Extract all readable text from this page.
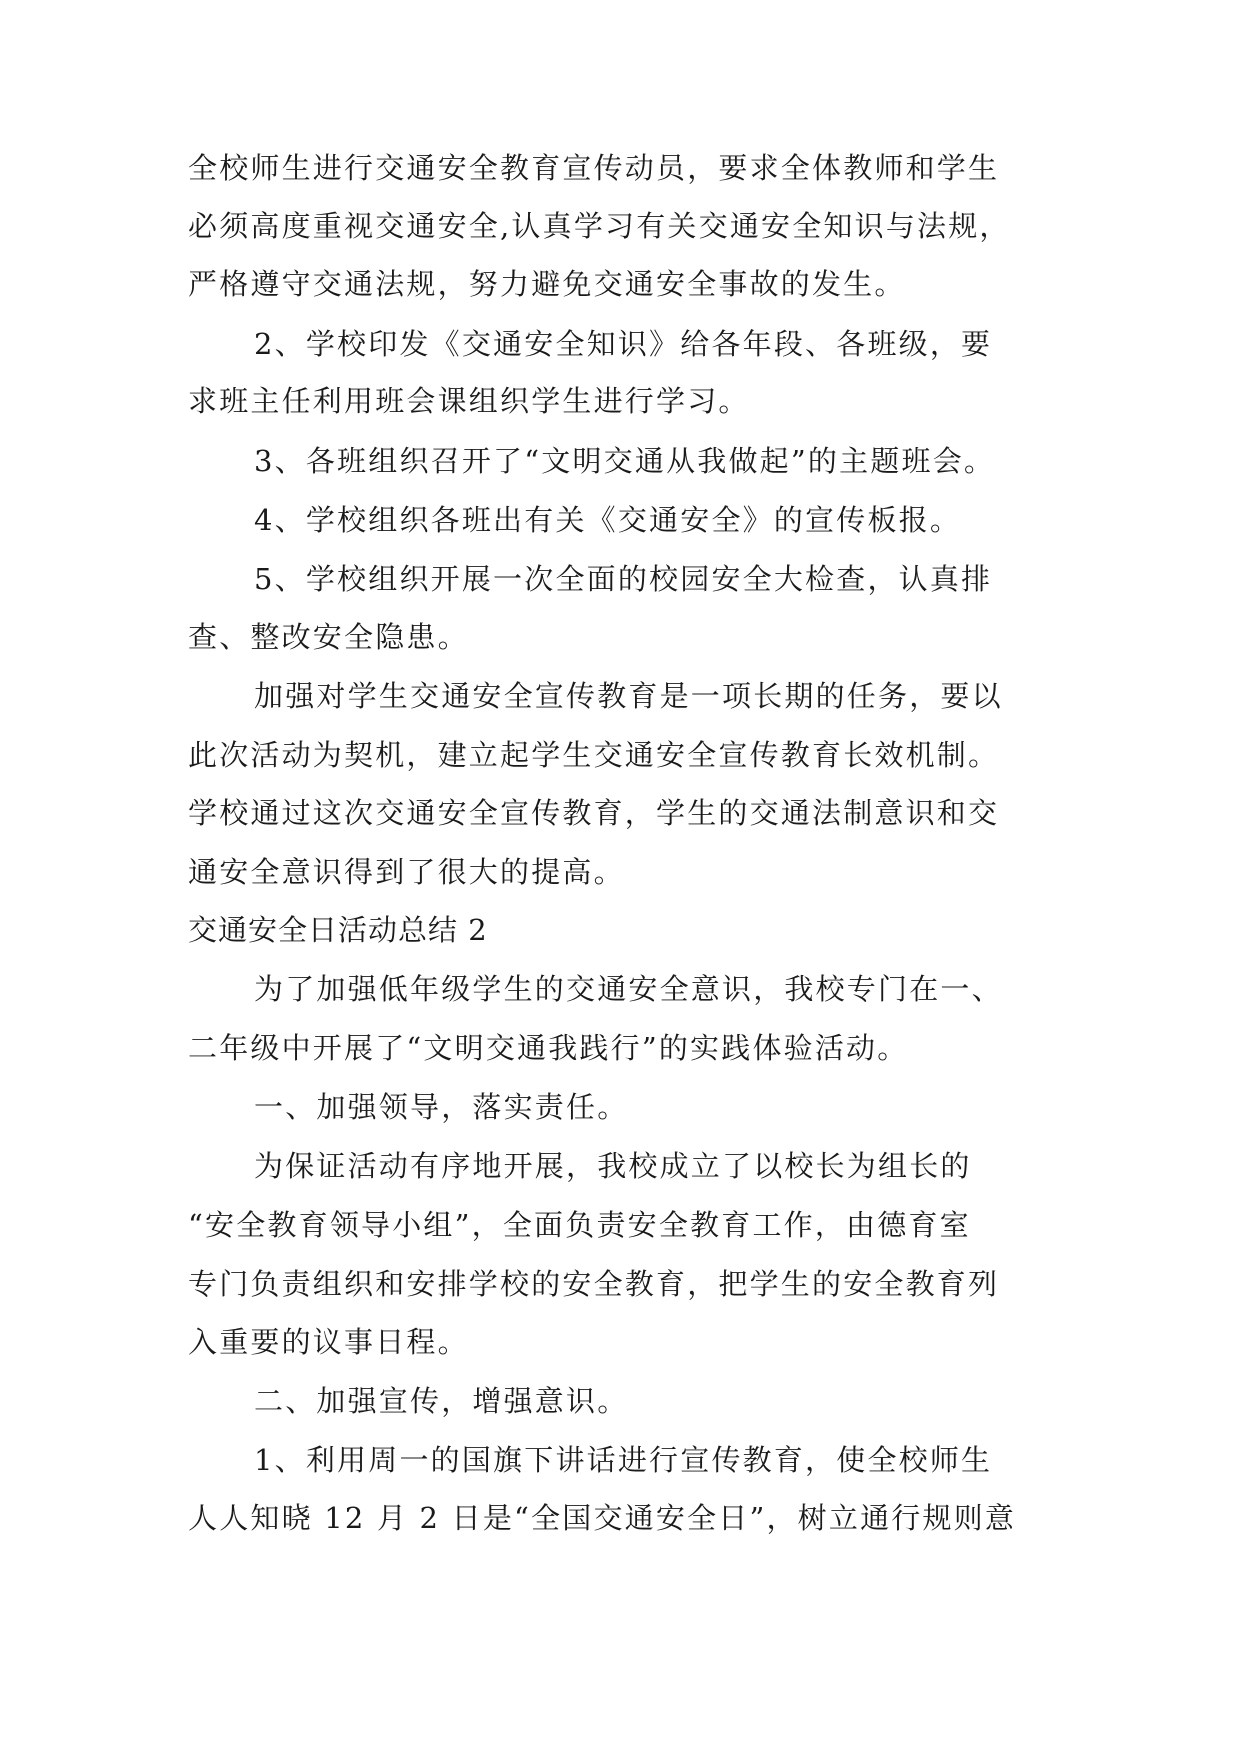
全校师生进行交通安全教育宣传动员，要求全体教师和学生
必须高度重视交通安全,认真学习有关交通安全知识与法规，
严格遵守交通法规，努力避免交通安全事故的发生。
2、学校印发《交通安全知识》给各年段、各班级，要
求班主任利用班会课组织学生进行学习。
3、各班组织召开了“文明交通从我做起”的主题班会。
4、学校组织各班出有关《交通安全》的宣传板报。
5、学校组织开展一次全面的校园安全大检查，认真排
查、整改安全隐患。
加强对学生交通安全宣传教育是一项长期的任务，要以
此次活动为契机，建立起学生交通安全宣传教育长效机制。
学校通过这次交通安全宣传教育，学生的交通法制意识和交
通安全意识得到了很大的提高。
交通安全日活动总结 2
为了加强低年级学生的交通安全意识，我校专门在一、
二年级中开展了“文明交通我践行”的实践体验活动。
一、加强领导，落实责任。
为保证活动有序地开展，我校成立了以校长为组长的
“安全教育领导小组”，全面负责安全教育工作，由德育室
专门负责组织和安排学校的安全教育，把学生的安全教育列
入重要的议事日程。
二、加强宣传，增强意识。
1、利用周一的国旗下讲话进行宣传教育，使全校师生
人人知晓 12 月 2 日是“全国交通安全日”，树立通行规则意
